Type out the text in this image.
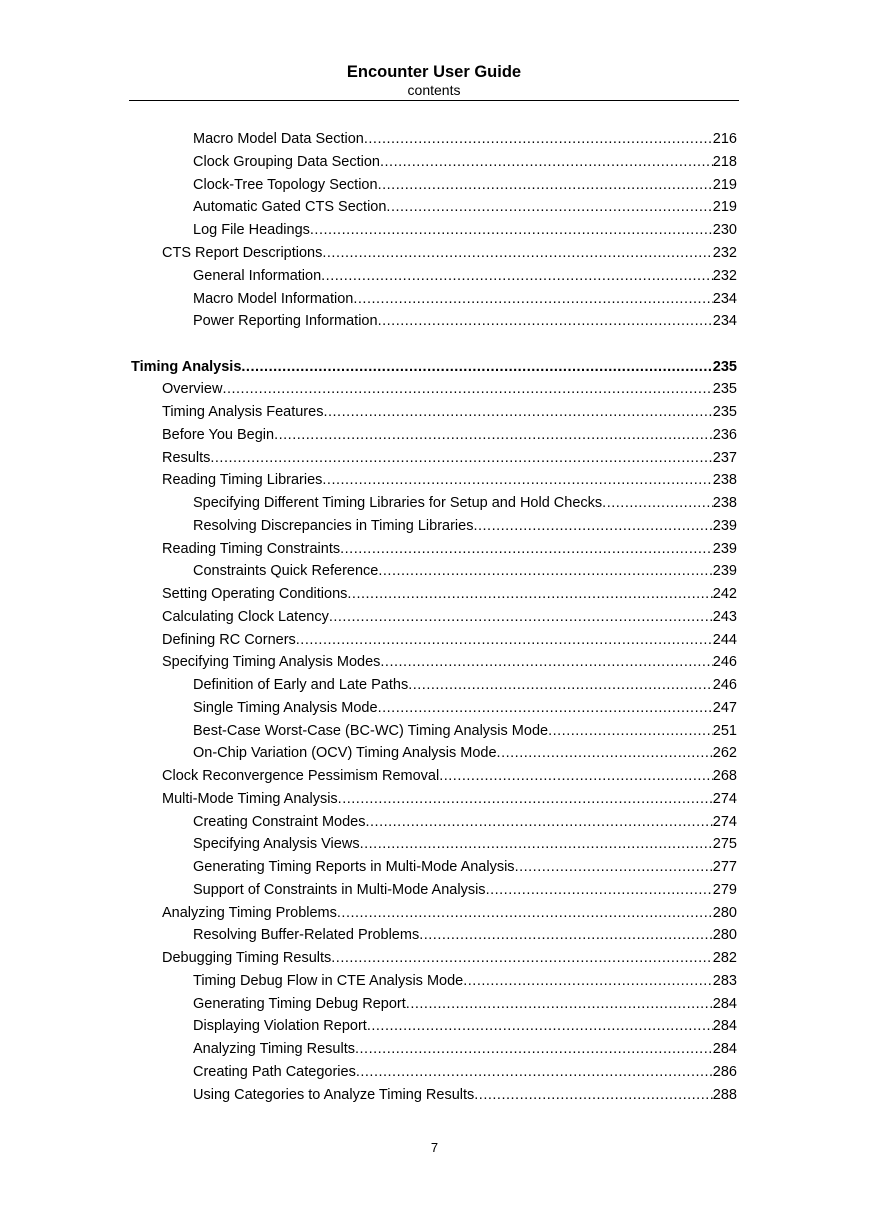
Encounter User Guide
contents
Macro Model Data Section .....	216
Clock Grouping Data Section .....	218
Clock-Tree Topology Section .....	219
Automatic Gated CTS Section .....	219
Log File Headings .....	230
CTS Report Descriptions .....	232
General Information .....	232
Macro Model Information .....	234
Power Reporting Information .....	234
Timing Analysis .....	235
Overview .....	235
Timing Analysis Features .....	235
Before You Begin .....	236
Results .....	237
Reading Timing Libraries .....	238
Specifying Different Timing Libraries for Setup and Hold Checks .....	238
Resolving Discrepancies in Timing Libraries .....	239
Reading Timing Constraints .....	239
Constraints Quick Reference .....	239
Setting Operating Conditions .....	242
Calculating Clock Latency .....	243
Defining RC Corners .....	244
Specifying Timing Analysis Modes .....	246
Definition of Early and Late Paths .....	246
Single Timing Analysis Mode .....	247
Best-Case Worst-Case (BC-WC) Timing Analysis Mode .....	251
On-Chip Variation (OCV) Timing Analysis Mode .....	262
Clock Reconvergence Pessimism Removal .....	268
Multi-Mode Timing Analysis .....	274
Creating Constraint Modes .....	274
Specifying Analysis Views .....	275
Generating Timing Reports in Multi-Mode Analysis .....	277
Support of Constraints in Multi-Mode Analysis .....	279
Analyzing Timing Problems .....	280
Resolving Buffer-Related Problems .....	280
Debugging Timing Results .....	282
Timing Debug Flow in CTE Analysis Mode .....	283
Generating Timing Debug Report .....	284
Displaying Violation Report .....	284
Analyzing Timing Results .....	284
Creating Path Categories .....	286
Using Categories to Analyze Timing Results .....	288
7
